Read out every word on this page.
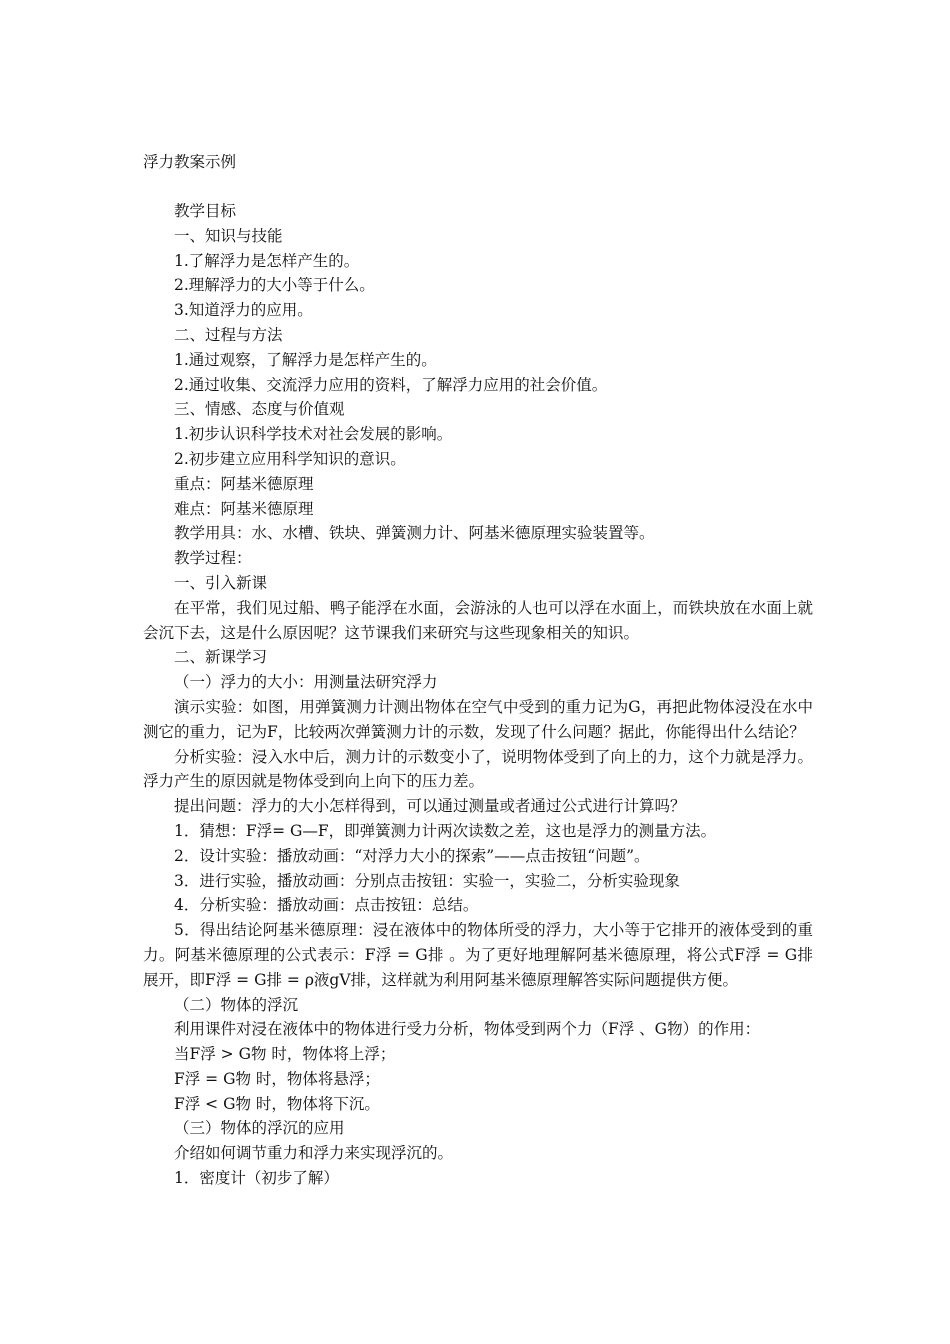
浮力教案示例

教学目标

一、知识与技能

1.了解浮力是怎样产生的。

2.理解浮力的大小等于什么。

3.知道浮力的应用。

二、过程与方法

1.通过观察，了解浮力是怎样产生的。

2.通过收集、交流浮力应用的资料，了解浮力应用的社会价值。

三、情感、态度与价值观

1.初步认识科学技术对社会发展的影响。

2.初步建立应用科学知识的意识。

重点：阿基米德原理

难点：阿基米德原理

教学用具：水、水槽、铁块、弹簧测力计、阿基米德原理实验装置等。

教学过程：

一、引入新课

在平常，我们见过船、鸭子能浮在水面，会游泳的人也可以浮在水面上，而铁块放在水面上就会沉下去，这是什么原因呢？这节课我们来研究与这些现象相关的知识。

二、新课学习

（一）浮力的大小：用测量法研究浮力

演示实验：如图，用弹簧测力计测出物体在空气中受到的重力记为G，再把此物体浸没在水中测它的重力，记为F，比较两次弹簧测力计的示数，发现了什么问题？据此，你能得出什么结论？

分析实验：浸入水中后，测力计的示数变小了，说明物体受到了向上的力，这个力就是浮力。浮力产生的原因就是物体受到向上向下的压力差。

提出问题：浮力的大小怎样得到，可以通过测量或者通过公式进行计算吗？

1．猜想：F浮= G—F，即弹簧测力计两次读数之差，这也是浮力的测量方法。

2．设计实验：播放动画：“对浮力大小的探索”——点击按钮“问题”。

3．进行实验，播放动画：分别点击按钮：实验一，实验二，分析实验现象

4．分析实验：播放动画：点击按钮：总结。

5．得出结论阿基米德原理：浸在液体中的物体所受的浮力，大小等于它排开的液体受到的重力。阿基米德原理的公式表示：F浮 = G排 。为了更好地理解阿基米德原理，将公式F浮 = G排 展开，即F浮 = G排 = ρ液gV排，这样就为利用阿基米德原理解答实际问题提供方便。

（二）物体的浮沉

利用课件对浸在液体中的物体进行受力分析，物体受到两个力（F浮 、G物）的作用：

当F浮 > G物 时，物体将上浮；

F浮 = G物 时，物体将悬浮；

F浮 < G物 时，物体将下沉。

（三）物体的浮沉的应用

介绍如何调节重力和浮力来实现浮沉的。

1．密度计（初步了解）
